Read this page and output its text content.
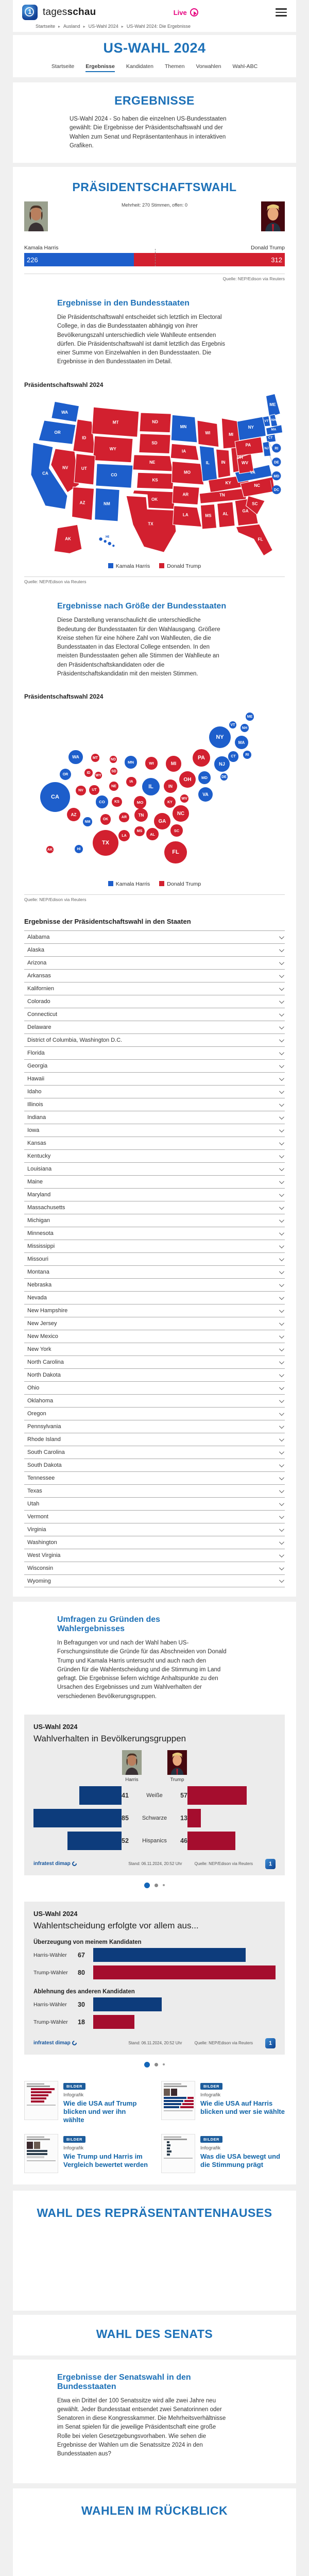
1	tagesschau	Live
Startseite ▸ Ausland ▸ US-Wahl 2024 ▸ US-Wahl 2024: Die Ergebnisse
US-WAHL 2024
Startseite Ergebnisse Kandidaten Themen Vorwahlen Wahl-ABC
ERGEBNISSE

US-Wahl 2024 - So haben die einzelnen US-Bundesstaaten gewählt: Die Ergebnisse der Präsidentschaftswahl und der Wahlen zum Senat und Repräsentantenhaus in interaktiven Grafiken.

PRÄSIDENTSCHAFTSWAHL
Mehrheit: 270 Stimmen, offen: 0
Kamala Harris	Donald Trump
226	312
Quelle: NEP/Edison via Reuters
Ergebnisse in den Bundesstaaten

Die Präsidentschaftswahl entscheidet sich letztlich im Electoral College, in das die Bundesstaaten abhängig von ihrer Bevölkerungszahl unterschiedlich viele Wahlleute entsenden dürfen. Die Präsidentschaftswahl ist damit letztlich das Ergebnis einer Summe von Einzelwahlen in den Bundesstaaten. Die Ergebnisse in den Bundesstaaten im Detail.

Präsidentschaftswahl 2024
RI
DE
MD
DC
WA
OR
ID
MT
WY
NV	UT
CA
AZ	NM
CO
ND
SD
NE
KS
OK
TX
MN
IA
MO
AR
LA
WI	MI
IL	IN
OH
KY
TN
MS	AL
GA
FL
SC
NC
VA
WV
PA
NY
ME
VT NH
MA
CT
NJ
AK	HI
Kamala Harris	Donald Trump
Quelle: NEP/Edison via Reuters
Ergebnisse nach Größe der Bundesstaaten

Diese Darstellung veranschaulicht die unterschiedliche Bedeutung der Bundesstaaten für den Wahlausgang. Größere Kreise stehen für eine höhere Zahl von Wahlleuten, die die Bundesstaaten in das Electoral College entsenden. In den meisten Bundesstaaten gehen alle Stimmen der Wahlleute an den Präsidentschaftskandidaten oder die Präsidentschaftskandidatin mit den meisten Stimmen.

Präsidentschaftswahl 2024
ME
VT
NH
NY
MA
CT	RI
PA
NJ
WA	MT	ND
MN	WI	MI
OR	ID
WY
SD
IA
IL	IN
OH	MD	DE
VA
WV
KY
NV	UT
NE
CA
CO	KS	MO
NC
AZ
NM
OK
AR	TN
GA
SC
MS
AL
LA
TX
FL
AK	HI
Kamala Harris	Donald Trump
Quelle: NEP/Edison via Reuters
Ergebnisse der Präsidentschaftswahl in den Staaten
Alabama
Alaska
Arizona
Arkansas
Kalifornien
Colorado
Connecticut
Delaware
District of Columbia, Washington D.C.
Florida
Georgia
Hawaii
Idaho
Illinois
Indiana
Iowa
Kansas
Kentucky
Louisiana
Maine
Maryland
Massachusetts
Michigan
Minnesota
Mississippi
Missouri
Montana
Nebraska
Nevada
New Hampshire
New Jersey
New Mexico
New York
North Carolina
North Dakota
Ohio
Oklahoma
Oregon
Pennsylvania
Rhode Island
South Carolina
South Dakota
Tennessee
Texas
Utah
Vermont
Virginia
Washington
West Virginia
Wisconsin
Wyoming
Umfragen zu Gründen des Wahlergebnisses

In Befragungen vor und nach der Wahl haben US-Forschungsinstitute die Gründe für das Abschneiden von Donald Trump und Kamala Harris untersucht und auch nach den Gründen für die Wahlentscheidung und die Stimmung im Land gefragt. Die Ergebnisse liefern wichtige Anhaltspunkte zu den Ursachen des Ergebnisses und zum Wahlverhalten der verschiedenen Bevölkerungsgruppen.

US-Wahl 2024
Wahlverhalten in Bevölkerungsgruppen
Harris	Trump
41	Weiße	57
85 Schwarze 13
52 Hispanics 46
infratest dimap	Stand: 06.11.2024, 20:52 Uhr	Quelle: NEP/Edison via Reuters
1
US-Wahl 2024
Wahlentscheidung erfolgte vor allem aus...
Überzeugung von meinem Kandidaten
Harris-Wähler	67
Trump-Wähler	80
Ablehnung des anderen Kandidaten
Harris-Wähler	30
Trump-Wähler	18
infratest dimap	Stand: 06.11.2024, 20:52 Uhr	Quelle: NEP/Edison via Reuters
1
BILDER
Infografik
Wie die USA auf Trump blicken und wer ihn wählte
BILDER
Infografik
Wie die USA auf Harris blicken und wer sie wählte
BILDER
Infografik
Wie Trump und Harris im Vergleich bewertet werden
BILDER
Infografik
Was die USA bewegt und die Stimmung prägt
WAHL DES REPRÄSENTANTENHAUSES
WAHL DES SENATS
Ergebnisse der Senatswahl in den Bundesstaaten

Etwa ein Drittel der 100 Senatssitze wird alle zwei Jahre neu gewählt. Jeder Bundesstaat entsendet zwei Senatorinnen oder Senatoren in diese Kongresskammer. Die Mehrheitsverhältnisse im Senat spielen für die jeweilige Präsidentschaft eine große Rolle bei vielen Gesetzgebungsvorhaben. Wie sehen die Ergebnisse der Wahlen um die Senatssitze 2024 in den Bundesstaaten aus?

WAHLEN IM RÜCKBLICK
